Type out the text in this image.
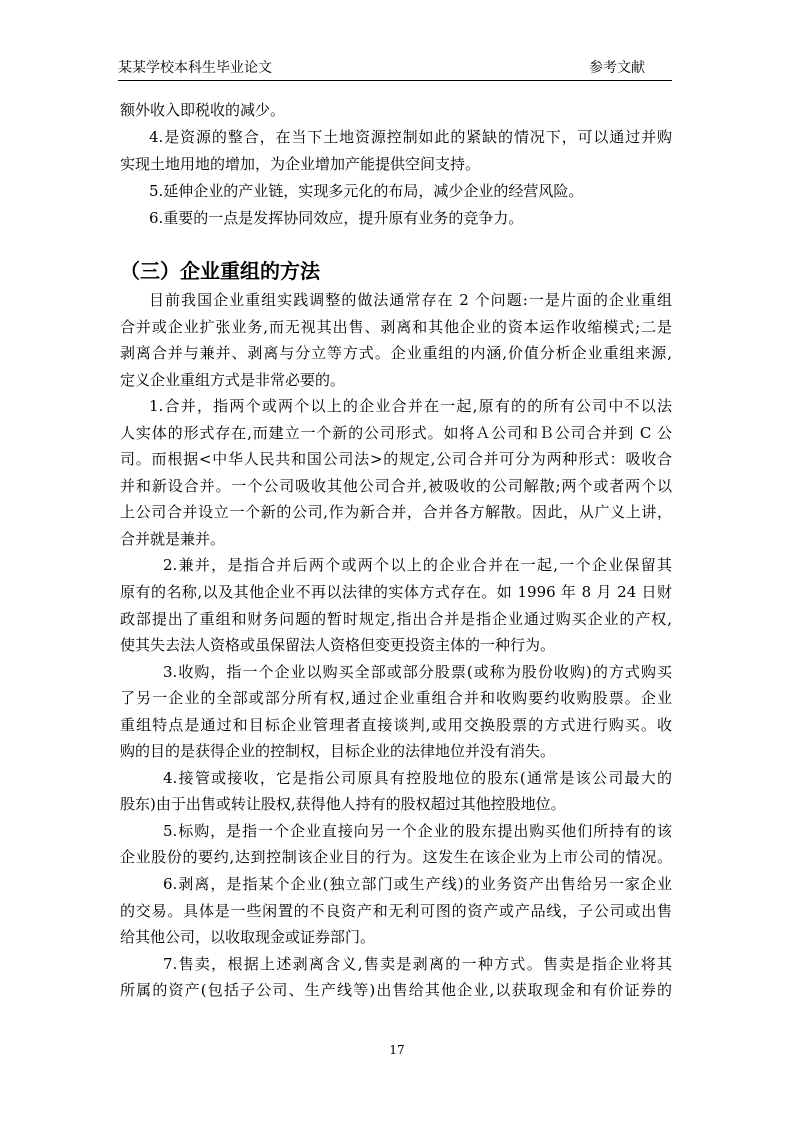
某某学校本科生毕业论文	参考文献
额外收入即税收的减少。
4.是资源的整合，在当下土地资源控制如此的紧缺的情况下，可以通过并购
实现土地用地的增加，为企业增加产能提供空间支持。
5.延伸企业的产业链，实现多元化的布局，减少企业的经营风险。
6.重要的一点是发挥协同效应，提升原有业务的竞争力。
（三）企业重组的方法
目前我国企业重组实践调整的做法通常存在 2 个问题:一是片面的企业重组
合并或企业扩张业务,而无视其出售、剥离和其他企业的资本运作收缩模式;二是
剥离合并与兼并、剥离与分立等方式。企业重组的内涵,价值分析企业重组来源,
定义企业重组方式是非常必要的。
1.合并，指两个或两个以上的企业合并在一起,原有的的所有公司中不以法
人实体的形式存在,而建立一个新的公司形式。如将Ａ公司和Ｂ公司合并到 C 公
司。而根据<中华人民共和国公司法>的规定,公司合并可分为两种形式：吸收合
并和新设合并。一个公司吸收其他公司合并,被吸收的公司解散;两个或者两个以
上公司合并设立一个新的公司,作为新合并，合并各方解散。因此，从广义上讲，
合并就是兼并。
2.兼并，是指合并后两个或两个以上的企业合并在一起,一个企业保留其
原有的名称,以及其他企业不再以法律的实体方式存在。如 1996 年 8 月 24 日财
政部提出了重组和财务问题的暂时规定,指出合并是指企业通过购买企业的产权,
使其失去法人资格或虽保留法人资格但变更投资主体的一种行为。
3.收购，指一个企业以购买全部或部分股票(或称为股份收购)的方式购买
了另一企业的全部或部分所有权,通过企业重组合并和收购要约收购股票。企业
重组特点是通过和目标企业管理者直接谈判,或用交换股票的方式进行购买。收
购的目的是获得企业的控制权，目标企业的法律地位并没有消失。
4.接管或接收，它是指公司原具有控股地位的股东(通常是该公司最大的
股东)由于出售或转让股权,获得他人持有的股权超过其他控股地位。
5.标购，是指一个企业直接向另一个企业的股东提出购买他们所持有的该
企业股份的要约,达到控制该企业目的行为。这发生在该企业为上市公司的情况。
6.剥离，是指某个企业(独立部门或生产线)的业务资产出售给另一家企业
的交易。具体是一些闲置的不良资产和无利可图的资产或产品线，子公司或出售
给其他公司，以收取现金或证券部门。
7.售卖，根据上述剥离含义,售卖是剥离的一种方式。售卖是指企业将其
所属的资产(包括子公司、生产线等)出售给其他企业,以获取现金和有价证券的
17
